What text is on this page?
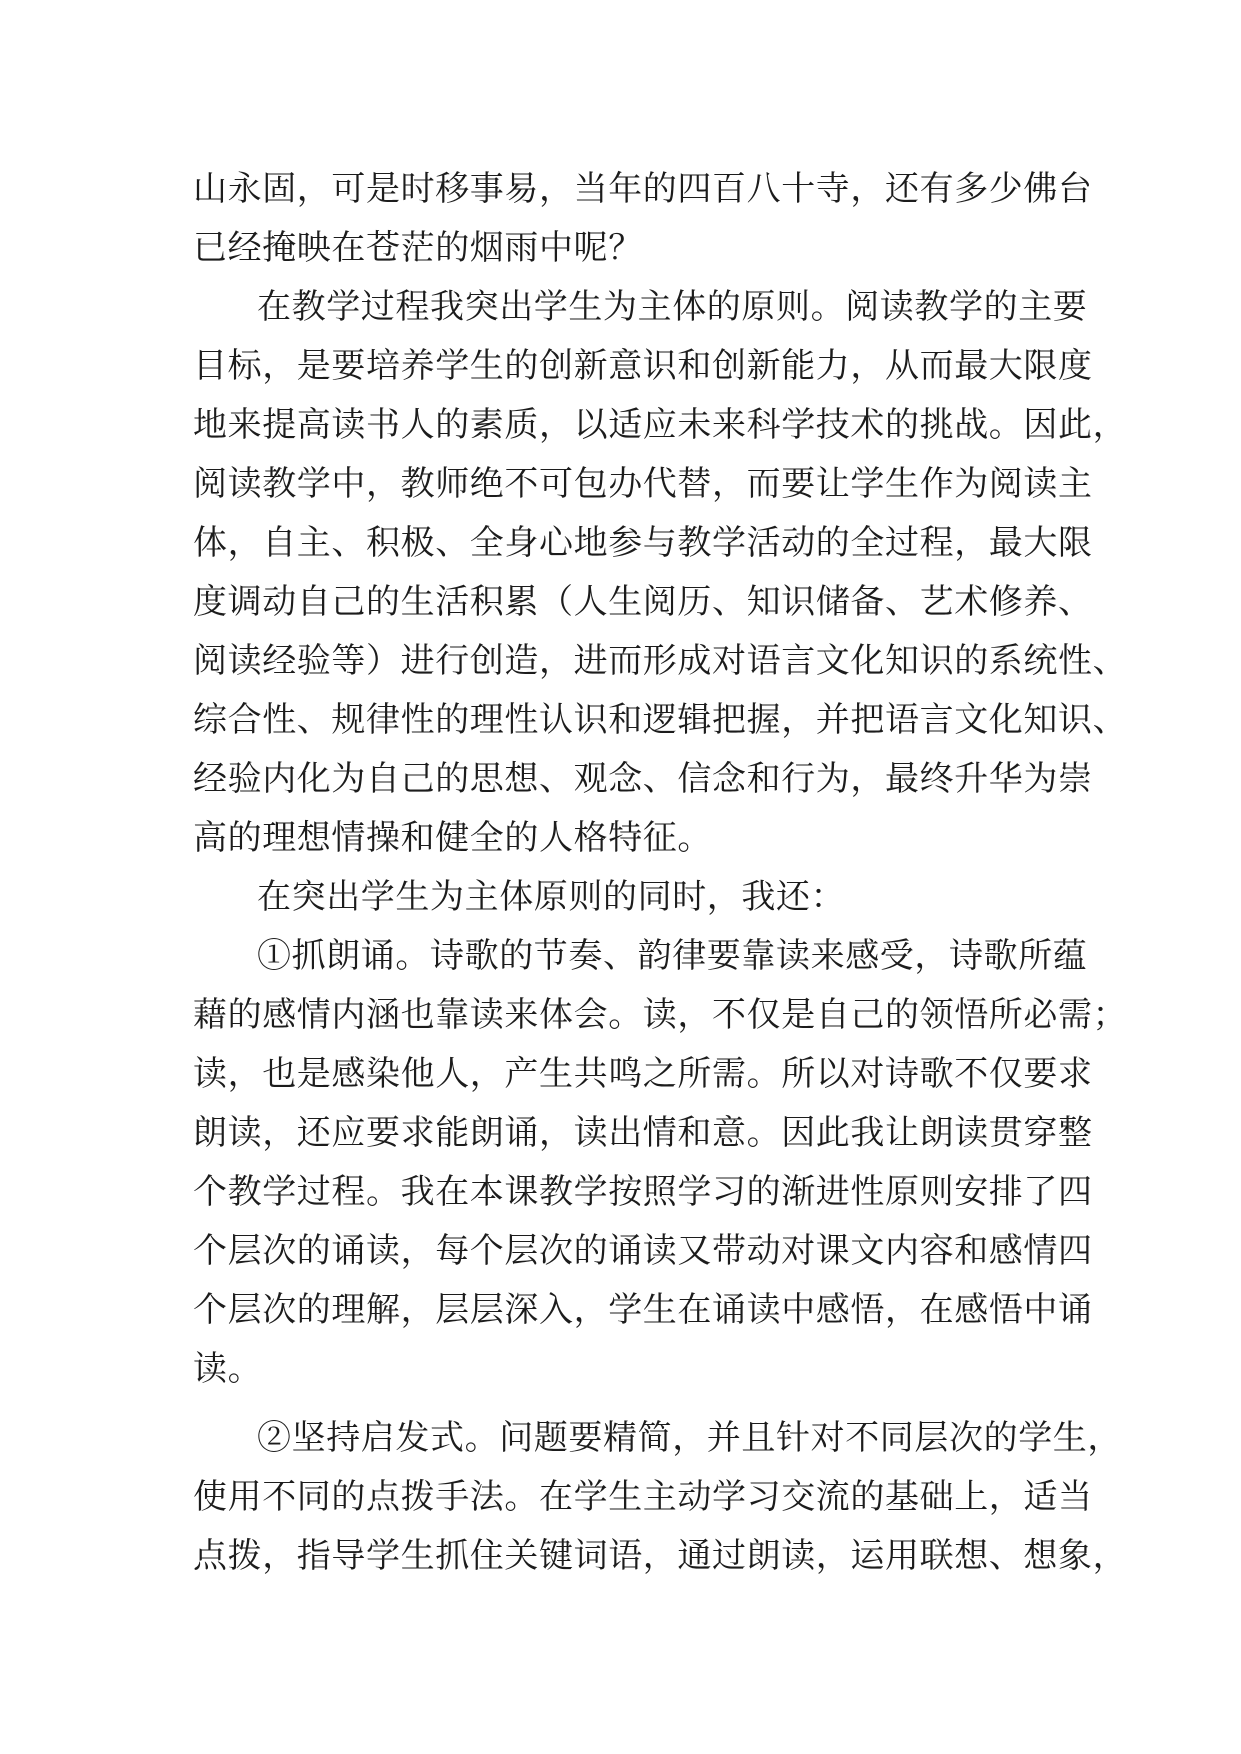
山永固，可是时移事易，当年的四百八十寺，还有多少佛台
已经掩映在苍茫的烟雨中呢？
在教学过程我突出学生为主体的原则。阅读教学的主要
目标，是要培养学生的创新意识和创新能力，从而最大限度
地来提高读书人的素质，以适应未来科学技术的挑战。因此，
阅读教学中，教师绝不可包办代替，而要让学生作为阅读主
体，自主、积极、全身心地参与教学活动的全过程，最大限
度调动自己的生活积累（人生阅历、知识储备、艺术修养、
阅读经验等）进行创造，进而形成对语言文化知识的系统性、
综合性、规律性的理性认识和逻辑把握，并把语言文化知识、
经验内化为自己的思想、观念、信念和行为，最终升华为崇
高的理想情操和健全的人格特征。
在突出学生为主体原则的同时，我还：
①抓朗诵。诗歌的节奏、韵律要靠读来感受，诗歌所蕴
藉的感情内涵也靠读来体会。读，不仅是自己的领悟所必需；
读，也是感染他人，产生共鸣之所需。所以对诗歌不仅要求
朗读，还应要求能朗诵，读出情和意。因此我让朗读贯穿整
个教学过程。我在本课教学按照学习的渐进性原则安排了四
个层次的诵读，每个层次的诵读又带动对课文内容和感情四
个层次的理解，层层深入，学生在诵读中感悟，在感悟中诵
读。
②坚持启发式。问题要精简，并且针对不同层次的学生，
使用不同的点拨手法。在学生主动学习交流的基础上，适当
点拨，指导学生抓住关键词语，通过朗读，运用联想、想象，
